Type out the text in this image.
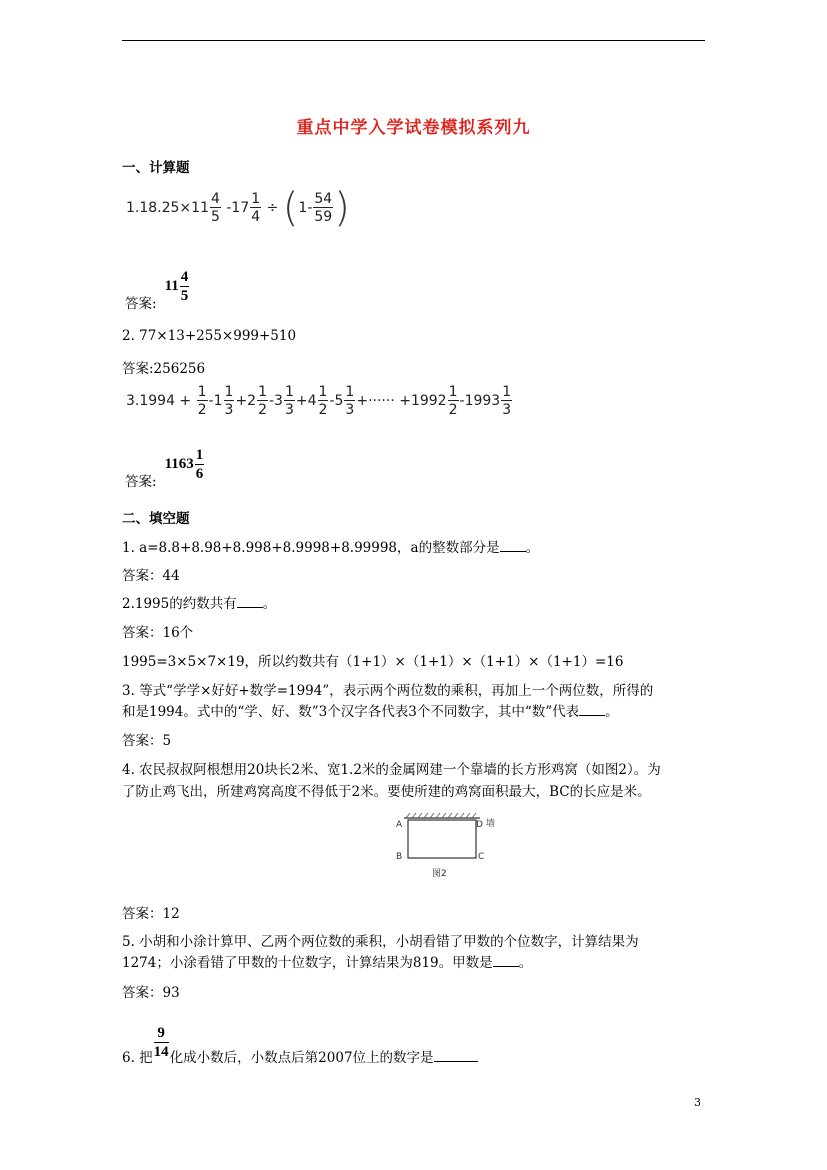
重点中学入学试卷模拟系列九
一、计算题
$1.18.25\times 11 \frac{4}{5} -17 \frac{1}{4} \div (1- \frac{54}{59}$ )
答案:11 $\frac{4}{5}$
2. 77×13+255×999+510
答案:256256
$3.1994 + \frac{1}{2} -1 \frac{1}{3} +2 \frac{1}{2} -3 \frac{1}{3} +4 \frac{1}{2} -5 \frac{1}{3}$ +······ $+1992 \frac{1}{2} -1993 \frac{1}{3}$
答案:1163 $\frac{1}{6}$
二、填空题
1. a=8.8+8.98+8.998+8.9998+8.99998，a的整数部分是 。
答案：44
2.1995的约数共有 。
答案：16个
1995=3×5×7×19，所以约数共有（1+1）×（1+1）×（1+1）×（1+1）=16
3. 等式“学学×好好+数学=1994”，表示两个两位数的乘积，再加上一个两位数，所得的
和是1994。式中的“学、好、数”3个汉字各代表3个不同数字，其中“数”代表 。
答案：5
4. 农民叔叔阿根想用20块长2米、宽1.2米的金属网建一个靠墙的长方形鸡窝（如图2）。为
了防止鸡飞出，所建鸡窝高度不得低于2米。要使所建的鸡窝面积最大，BC的长应是米。
A	D 墙
B	C
图2
答案：12
5. 小胡和小涂计算甲、乙两个两位数的乘积，小胡看错了甲数的个位数字，计算结果为
1274；小涂看错了甲数的十位数字，计算结果为819。甲数是 。
答案：93
6. 把 $\frac{9}{14}$ 化成小数后，小数点后第2007位上的数字是
3
